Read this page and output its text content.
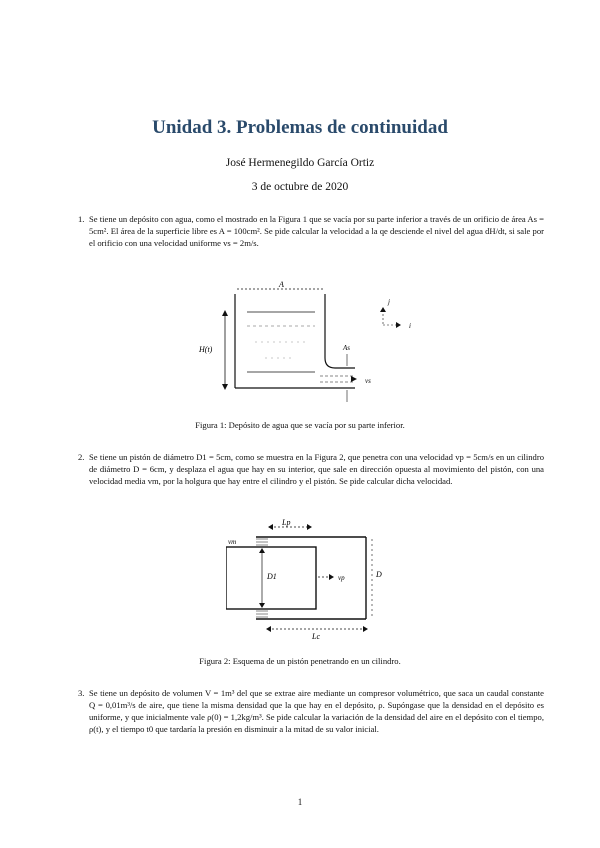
Unidad 3. Problemas de continuidad
José Hermenegildo García Ortiz
3 de octubre de 2020
1. Se tiene un depósito con agua, como el mostrado en la Figura 1 que se vacía por su parte inferior a través de un orificio de área As = 5cm². El área de la superficie libre es A = 100cm². Se pide calcular la velocidad a la qe desciende el nivel del agua dH/dt, si sale por el orificio con una velocidad uniforme vs = 2m/s.
A
H(t)	As
vs
j
i
Figura 1: Depósito de agua que se vacía por su parte inferior.
2. Se tiene un pistón de diámetro D1 = 5cm, como se muestra en la Figura 2, que penetra con una velocidad vp = 5cm/s en un cilindro de diámetro D = 6cm, y desplaza el agua que hay en su interior, que sale en dirección opuesta al movimiento del pistón, con una velocidad media vm, por la holgura que hay entre el cilindro y el pistón. Se pide calcular dicha velocidad.
Lp
vm
D1	vp	D
Lc
Figura 2: Esquema de un pistón penetrando en un cilindro.
3. Se tiene un depósito de volumen V = 1m³ del que se extrae aire mediante un compresor volumétrico, que saca un caudal constante Q = 0,01m³/s de aire, que tiene la misma densidad que la que hay en el depósito, ρ. Supóngase que la densidad en el depósito es uniforme, y que inicialmente vale ρ(0) = 1,2kg/m³. Se pide calcular la variación de la densidad del aire en el depósito con el tiempo, ρ(t), y el tiempo t0 que tardaría la presión en disminuir a la mitad de su valor inicial.
1
